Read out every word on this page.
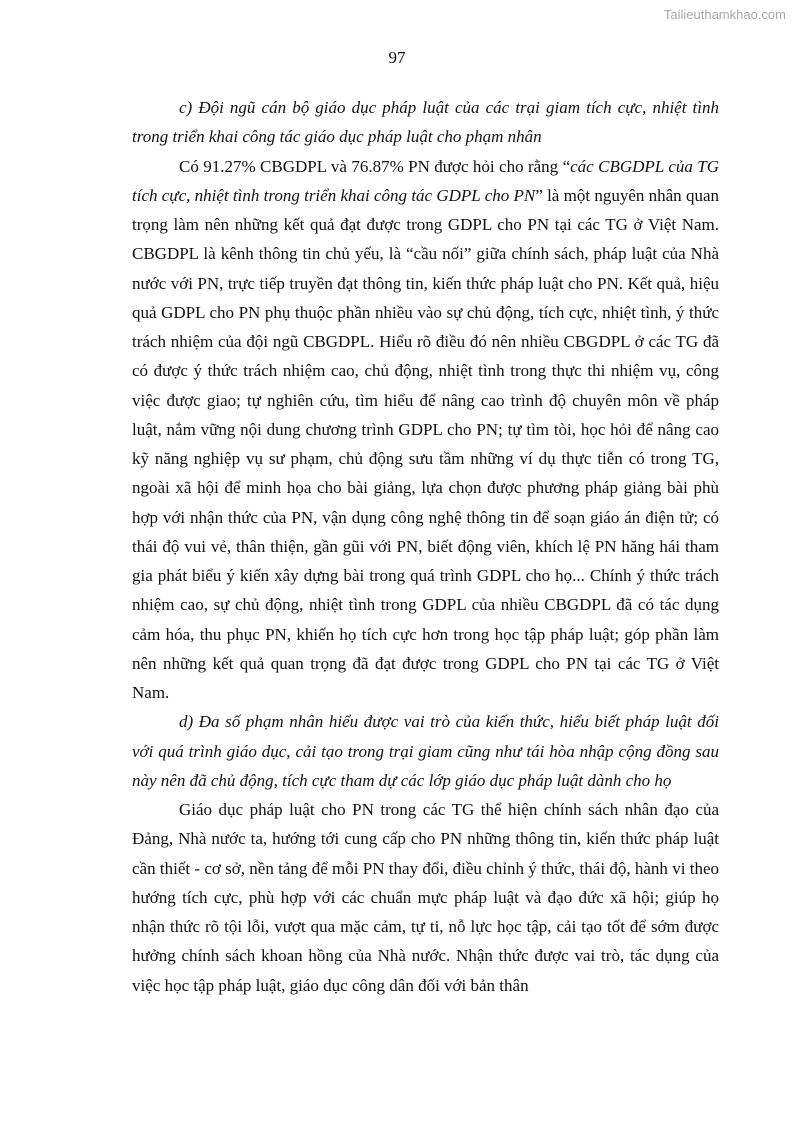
Tailieuthamkhao.com
97

c) Đội ngũ cán bộ giáo dục pháp luật của các trại giam tích cực, nhiệt tình trong triển khai công tác giáo dục pháp luật cho phạm nhân

Có 91.27% CBGDPL và 76.87% PN được hỏi cho rằng “các CBGDPL của TG tích cực, nhiệt tình trong triển khai công tác GDPL cho PN” là một nguyên nhân quan trọng làm nên những kết quả đạt được trong GDPL cho PN tại các TG ở Việt Nam. CBGDPL là kênh thông tin chủ yếu, là “cầu nối” giữa chính sách, pháp luật của Nhà nước với PN, trực tiếp truyền đạt thông tin, kiến thức pháp luật cho PN. Kết quả, hiệu quả GDPL cho PN phụ thuộc phần nhiều vào sự chủ động, tích cực, nhiệt tình, ý thức trách nhiệm của đội ngũ CBGDPL. Hiểu rõ điều đó nên nhiều CBGDPL ở các TG đã có được ý thức trách nhiệm cao, chủ động, nhiệt tình trong thực thi nhiệm vụ, công việc được giao; tự nghiên cứu, tìm hiểu để nâng cao trình độ chuyên môn về pháp luật, nắm vững nội dung chương trình GDPL cho PN; tự tìm tòi, học hỏi để nâng cao kỹ năng nghiệp vụ sư phạm, chủ động sưu tầm những ví dụ thực tiễn có trong TG, ngoài xã hội để minh họa cho bài giảng, lựa chọn được phương pháp giảng bài phù hợp với nhận thức của PN, vận dụng công nghệ thông tin để soạn giáo án điện tử; có thái độ vui vẻ, thân thiện, gần gũi với PN, biết động viên, khích lệ PN hăng hái tham gia phát biểu ý kiến xây dựng bài trong quá trình GDPL cho họ... Chính ý thức trách nhiệm cao, sự chủ động, nhiệt tình trong GDPL của nhiều CBGDPL đã có tác dụng cảm hóa, thu phục PN, khiến họ tích cực hơn trong học tập pháp luật; góp phần làm nên những kết quả quan trọng đã đạt được trong GDPL cho PN tại các TG ở Việt Nam.

d) Đa số phạm nhân hiểu được vai trò của kiến thức, hiểu biết pháp luật đối với quá trình giáo dục, cải tạo trong trại giam cũng như tái hòa nhập cộng đồng sau này nên đã chủ động, tích cực tham dự các lớp giáo dục pháp luật dành cho họ

Giáo dục pháp luật cho PN trong các TG thể hiện chính sách nhân đạo của Đảng, Nhà nước ta, hướng tới cung cấp cho PN những thông tin, kiến thức pháp luật cần thiết - cơ sở, nền tảng để mỗi PN thay đổi, điều chỉnh ý thức, thái độ, hành vi theo hướng tích cực, phù hợp với các chuẩn mực pháp luật và đạo đức xã hội; giúp họ nhận thức rõ tội lỗi, vượt qua mặc cảm, tự ti, nỗ lực học tập, cải tạo tốt để sớm được hưởng chính sách khoan hồng của Nhà nước. Nhận thức được vai trò, tác dụng của việc học tập pháp luật, giáo dục công dân đối với bản thân
